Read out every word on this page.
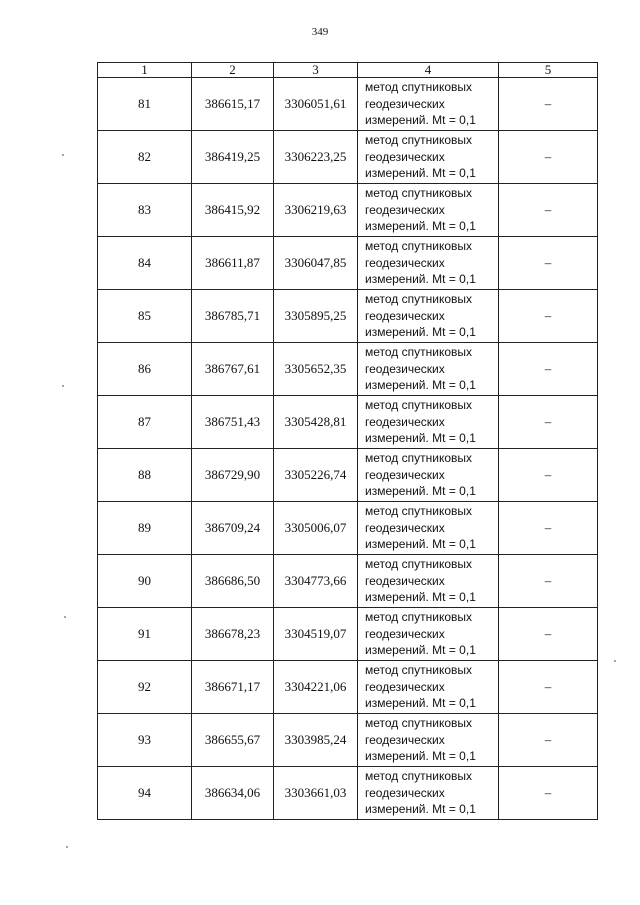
349
1	2	3	4	5
81	386615,17	3306051,61	метод спутниковых
геодезических
измерений. Mt = 0,1	–
82	386419,25	3306223,25	метод спутниковых
геодезических
измерений. Mt = 0,1	–
83	386415,92	3306219,63	метод спутниковых
геодезических
измерений. Mt = 0,1	–
84	386611,87	3306047,85	метод спутниковых
геодезических
измерений. Mt = 0,1	–
85	386785,71	3305895,25	метод спутниковых
геодезических
измерений. Mt = 0,1	–
86	386767,61	3305652,35	метод спутниковых
геодезических
измерений. Mt = 0,1	–
87	386751,43	3305428,81	метод спутниковых
геодезических
измерений. Mt = 0,1	–
88	386729,90	3305226,74	метод спутниковых
геодезических
измерений. Mt = 0,1	–
89	386709,24	3305006,07	метод спутниковых
геодезических
измерений. Mt = 0,1	–
90	386686,50	3304773,66	метод спутниковых
геодезических
измерений. Mt = 0,1	–
91	386678,23	3304519,07	метод спутниковых
геодезических
измерений. Mt = 0,1	–
92	386671,17	3304221,06	метод спутниковых
геодезических
измерений. Mt = 0,1	–
93	386655,67	3303985,24	метод спутниковых
геодезических
измерений. Mt = 0,1	–
94	386634,06	3303661,03	метод спутниковых
геодезических
измерений. Mt = 0,1	–
